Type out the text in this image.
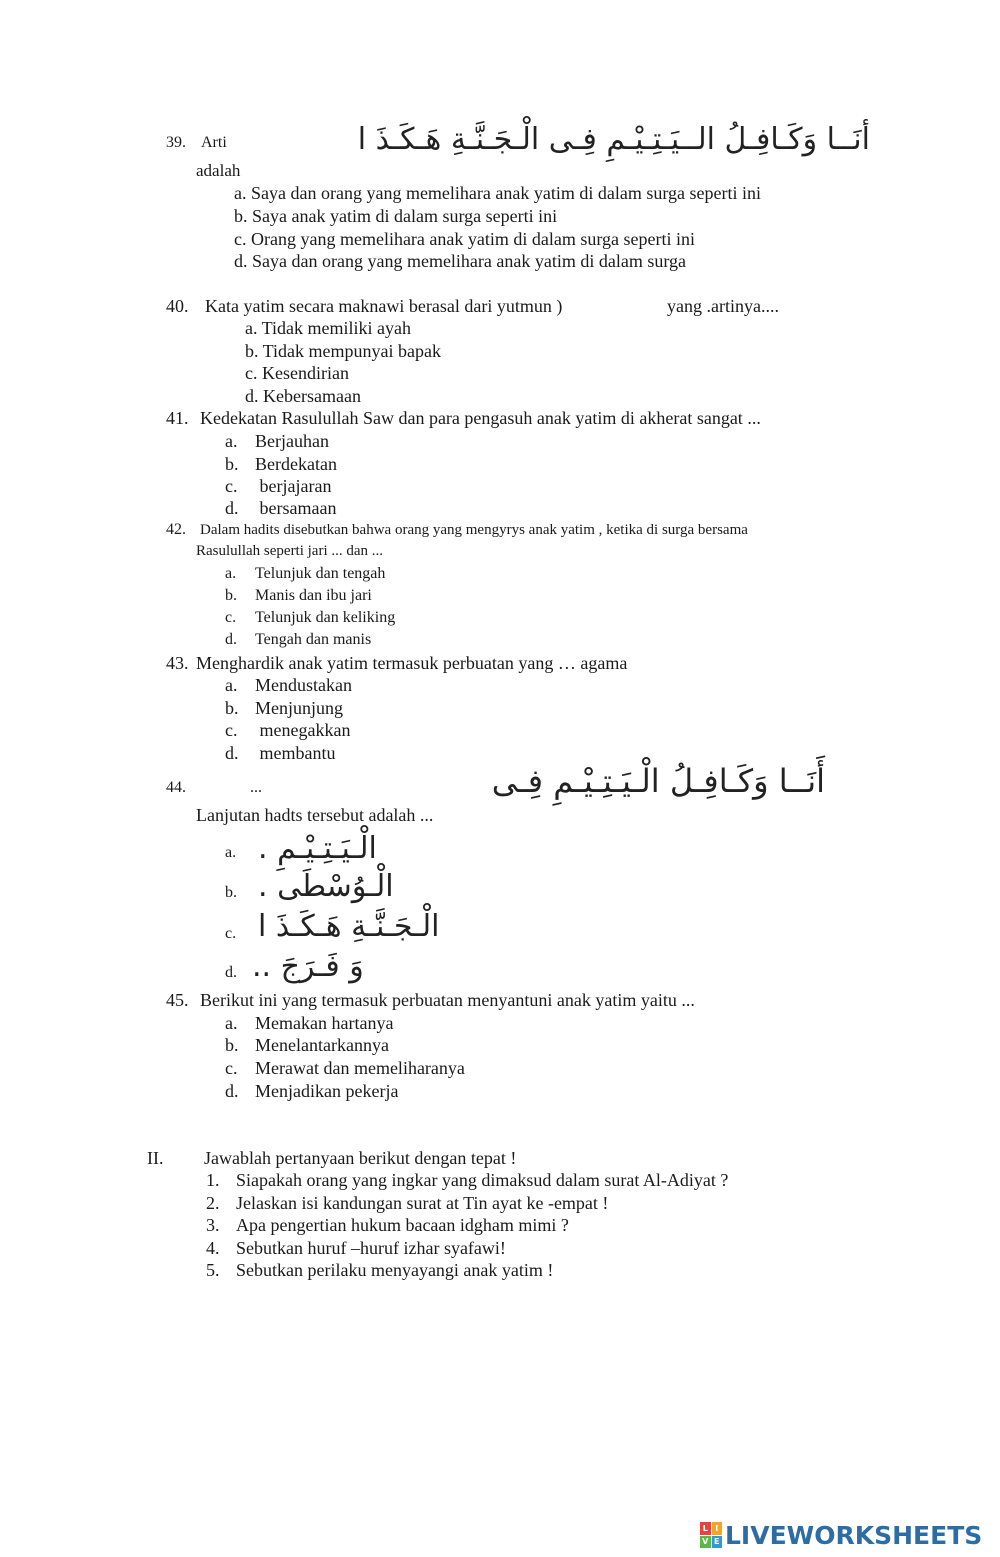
39. Arti	أنَــا وَكَـافِـلُ الــيَـتِـيْـمِ فِـى الْـجَـنَّـةِ هَـكَـذَ ا
adalah
a. Saya dan orang yang memelihara anak yatim di dalam surga seperti ini
b. Saya anak yatim di dalam surga seperti ini
c. Orang yang memelihara anak yatim di dalam surga seperti ini
d. Saya dan orang yang memelihara anak yatim di dalam surga
40. Kata yatim secara maknawi berasal dari yutmun )	yang .artinya....
a. Tidak memiliki ayah
b. Tidak mempunyai bapak
c. Kesendirian
d. Kebersamaan
41. Kedekatan Rasulullah Saw dan para pengasuh anak yatim di akherat sangat ...
a. Berjauhan
b. Berdekatan
c. berjajaran
d. bersamaan
42. Dalam hadits disebutkan bahwa orang yang mengyrys anak yatim , ketika di surga bersama
Rasulullah seperti jari ... dan ...
a. Telunjuk dan tengah
b. Manis dan ibu jari
c. Telunjuk dan keliking
d. Tengah dan manis
43. Menghardik anak yatim termasuk perbuatan yang … agama
a. Mendustakan
b. Menjunjung
c. menegakkan
d. membantu
44.	...	أَنَــا وَكَـافِـلُ الْـيَـتِـيْـمِ فِـى
Lanjutan hadts tersebut adalah ...
a. الْـيَـتِـيْـمِ .
b. الْـوُسْطَى .
c. الْـجَـنَّـةِ هَـكَـذَ ا
d. وَ فَـرَجَ ..
45. Berikut ini yang termasuk perbuatan menyantuni anak yatim yaitu ...
a. Memakan hartanya
b. Menelantarkannya
c. Merawat dan memeliharanya
d. Menjadikan pekerja
II. Jawablah pertanyaan berikut dengan tepat !
1. Siapakah orang yang ingkar yang dimaksud dalam surat Al-Adiyat ?
2. Jelaskan isi kandungan surat at Tin ayat ke -empat !
3. Apa pengertian hukum bacaan idgham mimi ?
4. Sebutkan huruf –huruf izhar syafawi!
5. Sebutkan perilaku menyayangi anak yatim !
L I
V E LIVEWORKSHEETS
